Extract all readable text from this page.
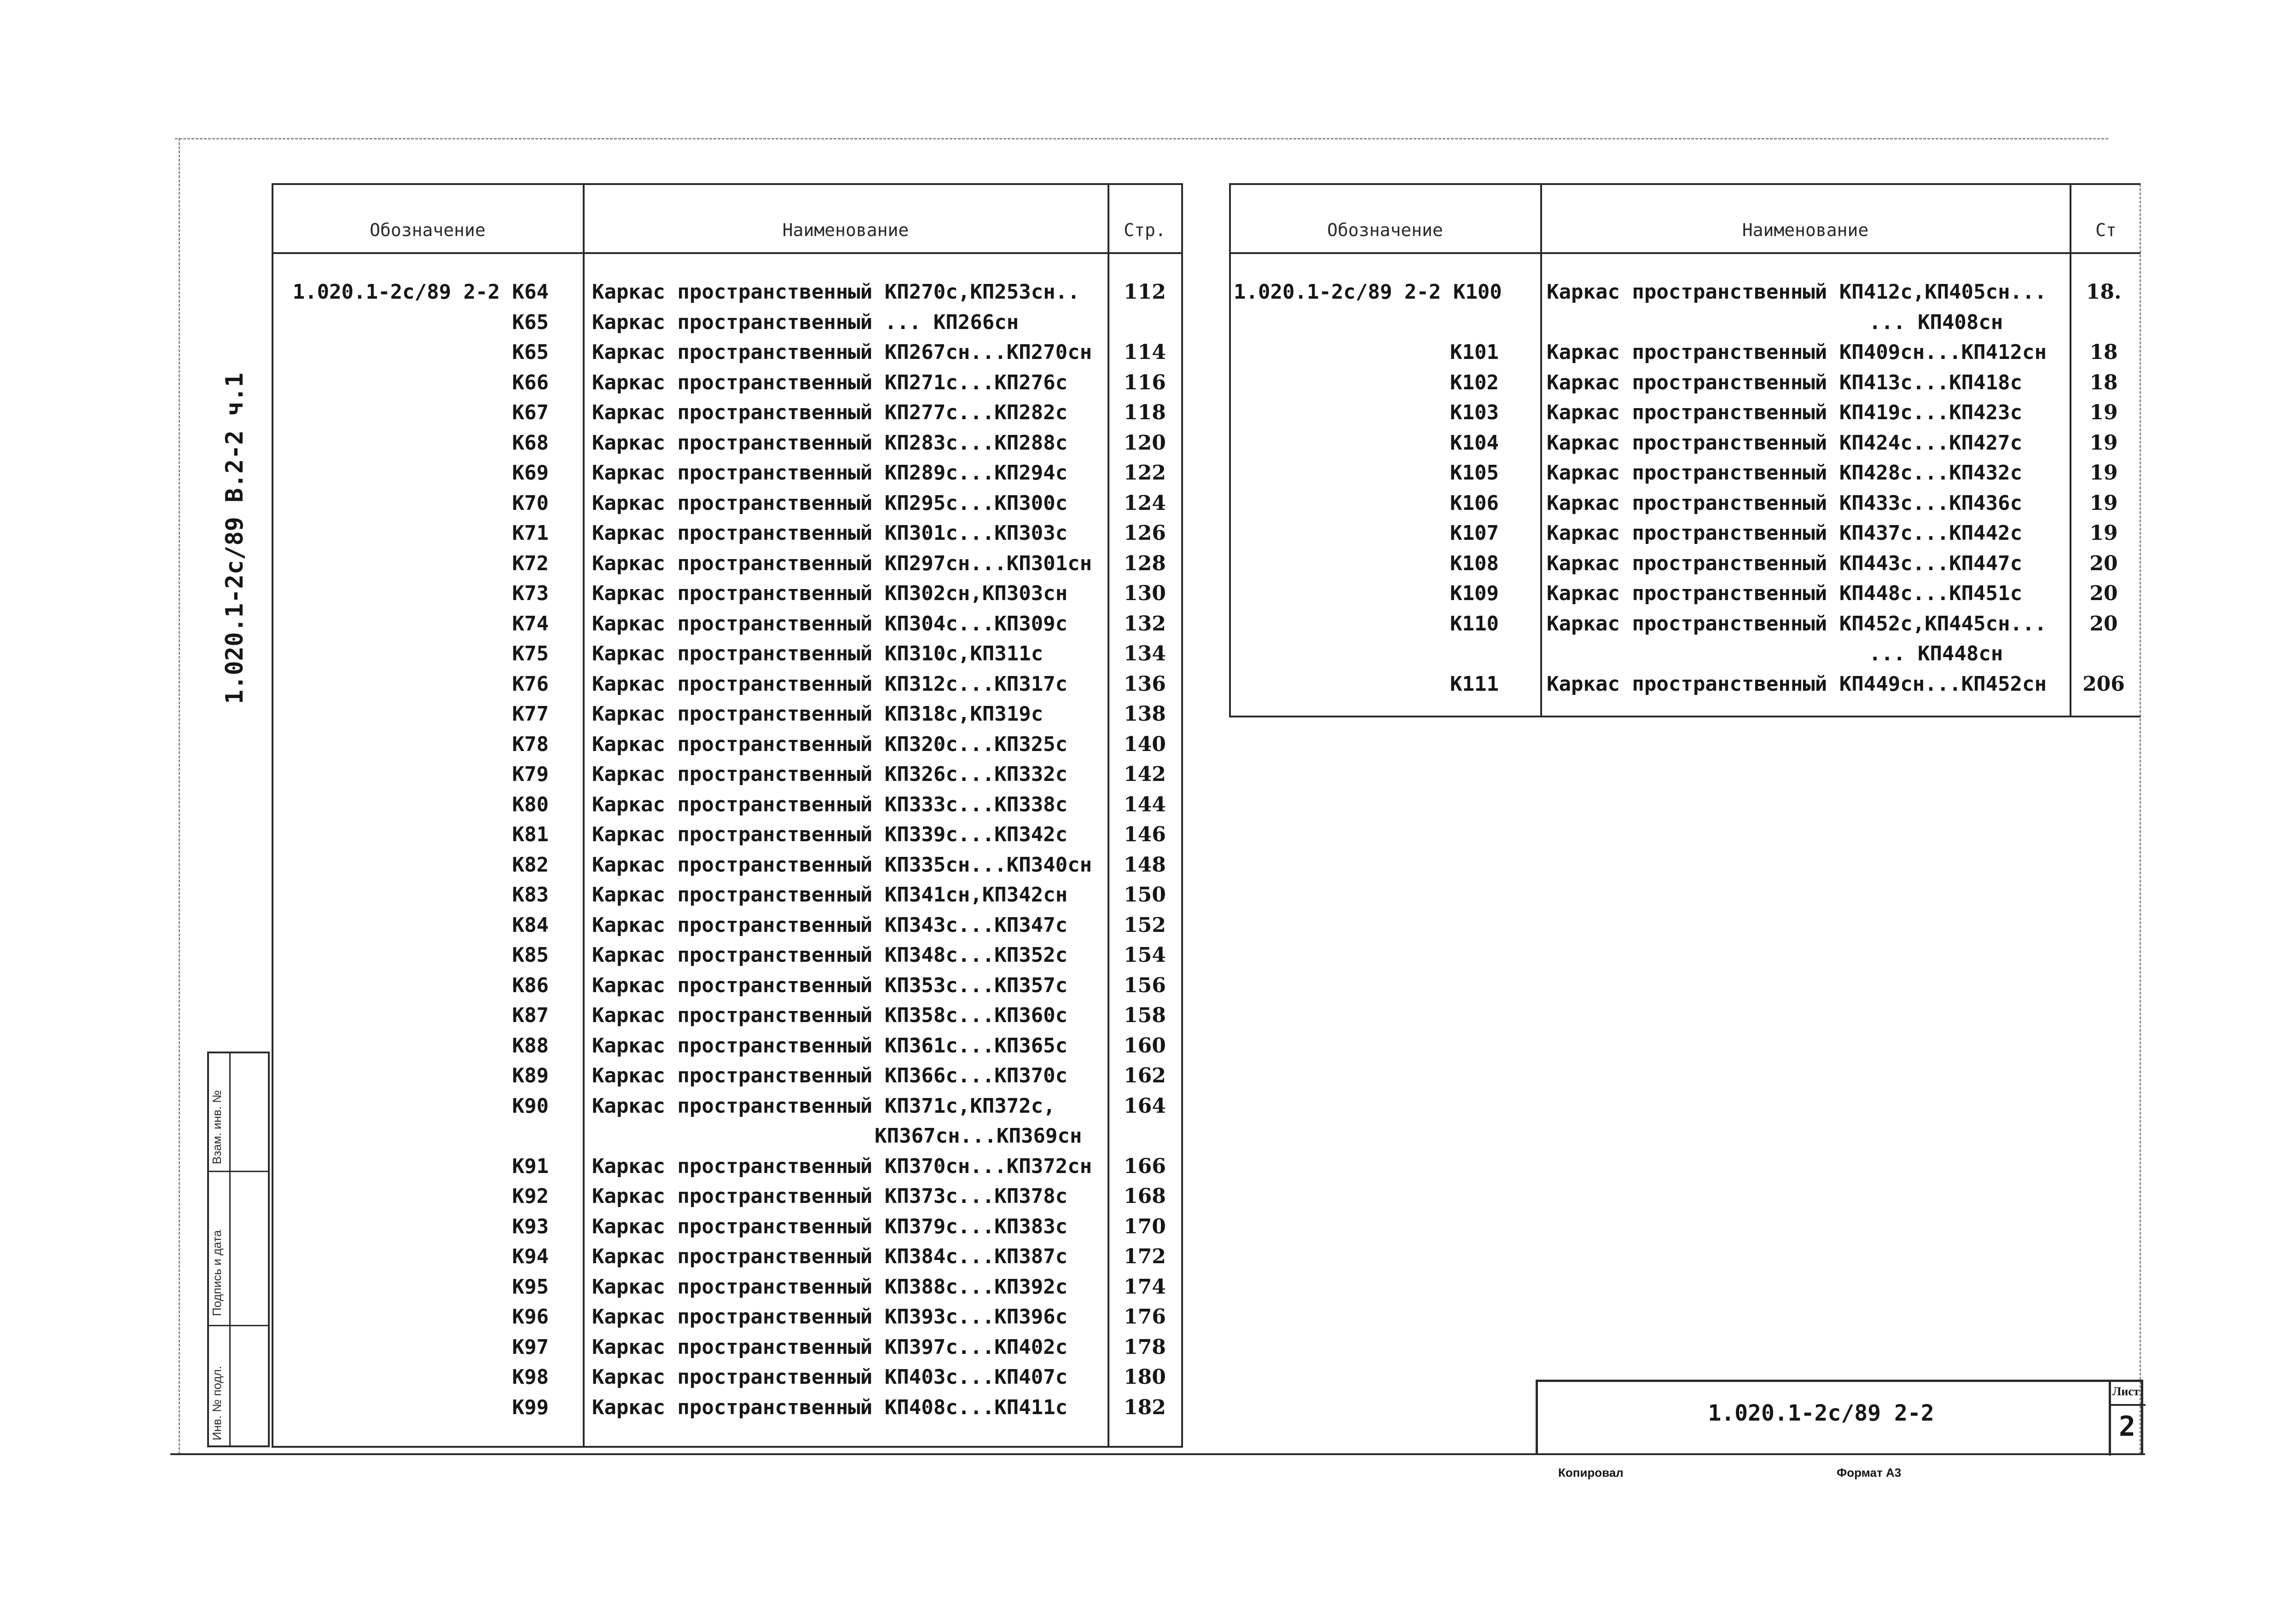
1.020.1-2с/89 В.2-2 ч.1
Обозначение	Наименование	Стр.
1.020.1-2с/89 2-2 К64 Каркас пространственный КП270с,КП253сн..	112
К65 Каркас пространственный ... КП266сн
К65 Каркас пространственный КП267сн...КП270сн	114
К66 Каркас пространственный КП271с...КП276с	116
К67 Каркас пространственный КП277с...КП282с	118
К68 Каркас пространственный КП283с...КП288с	120
К69 Каркас пространственный КП289с...КП294с	122
К70 Каркас пространственный КП295с...КП300с	124
К71 Каркас пространственный КП301с...КП303с	126
К72 Каркас пространственный КП297сн...КП301сн	128
К73 Каркас пространственный КП302сн,КП303сн	130
К74 Каркас пространственный КП304с...КП309с	132
К75 Каркас пространственный КП310с,КП311с	134
К76 Каркас пространственный КП312с...КП317с	136
К77 Каркас пространственный КП318с,КП319с	138
К78 Каркас пространственный КП320с...КП325с	140
К79 Каркас пространственный КП326с...КП332с	142
К80 Каркас пространственный КП333с...КП338с	144
К81 Каркас пространственный КП339с...КП342с	146
К82 Каркас пространственный КП335сн...КП340сн	148
К83 Каркас пространственный КП341сн,КП342сн	150
К84 Каркас пространственный КП343с...КП347с	152
К85 Каркас пространственный КП348с...КП352с	154
К86 Каркас пространственный КП353с...КП357с	156
К87 Каркас пространственный КП358с...КП360с	158
К88 Каркас пространственный КП361с...КП365с	160
К89 Каркас пространственный КП366с...КП370с	162
К90 Каркас пространственный КП371с,КП372с,	164
КП367сн...КП369сн
К91 Каркас пространственный КП370сн...КП372сн	166
К92 Каркас пространственный КП373с...КП378с	168
К93 Каркас пространственный КП379с...КП383с	170
К94 Каркас пространственный КП384с...КП387с	172
К95 Каркас пространственный КП388с...КП392с	174
К96 Каркас пространственный КП393с...КП396с	176
К97 Каркас пространственный КП397с...КП402с	178
К98 Каркас пространственный КП403с...КП407с	180
К99 Каркас пространственный КП408с...КП411с	182
Обозначение	Наименование	Ст
1.020.1-2с/89 2-2 К100 Каркас пространственный КП412с,КП405сн...	18.
... КП408сн
К101 Каркас пространственный КП409сн...КП412сн	18
К102 Каркас пространственный КП413с...КП418с	18
К103 Каркас пространственный КП419с...КП423с	19
К104 Каркас пространственный КП424с...КП427с	19
К105 Каркас пространственный КП428с...КП432с	19
К106 Каркас пространственный КП433с...КП436с	19
К107 Каркас пространственный КП437с...КП442с	19
К108 Каркас пространственный КП443с...КП447с	20
К109 Каркас пространственный КП448с...КП451с	20
К110 Каркас пространственный КП452с,КП445сн...	20
... КП448сн
К111 Каркас пространственный КП449сн...КП452сн	206
Инв. № подл.
Подпись и дата
Взам. инв. №
1.020.1-2с/89 2-2
Лист
2
Копировал	Формат А3
